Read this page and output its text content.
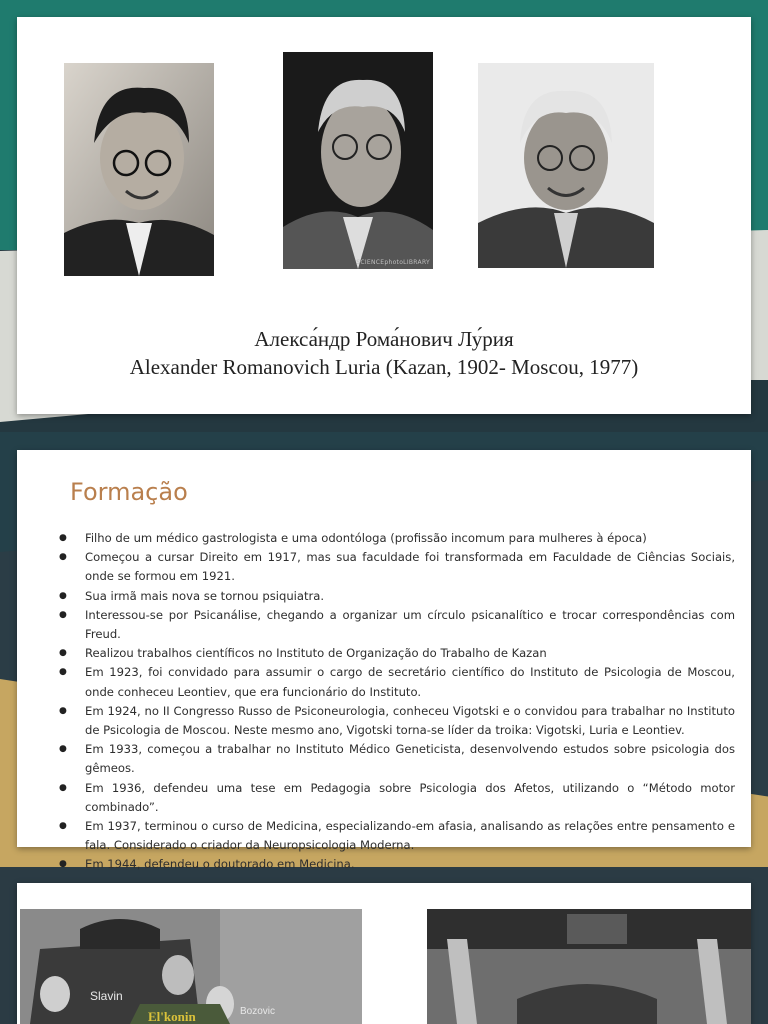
SCIENCEphotoLIBRARY
Алекса́ндр Рома́нович Лу́рия
Alexander Romanovich Luria (Kazan, 1902- Moscou, 1977)
Formação
● Filho de um médico gastrologista e uma odontóloga (profissão incomum para mulheres à época)
● Começou a cursar Direito em 1917, mas sua faculdade foi transformada em Faculdade de Ciências Sociais, onde se formou em 1921.
● Sua irmã mais nova se tornou psiquiatra.
● Interessou-se por Psicanálise, chegando a organizar um círculo psicanalítico e trocar correspondências com Freud.
● Realizou trabalhos científicos no Instituto de Organização do Trabalho de Kazan
● Em 1923, foi convidado para assumir o cargo de secretário científico do Instituto de Psicologia de Moscou, onde conheceu Leontiev, que era funcionário do Instituto.
● Em 1924, no II Congresso Russo de Psiconeurologia, conheceu Vigotski e o convidou para trabalhar no Instituto de Psicologia de Moscou. Neste mesmo ano, Vigotski torna-se líder da troika: Vigotski, Luria e Leontiev.
● Em 1933, começou a trabalhar no Instituto Médico Geneticista, desenvolvendo estudos sobre psicologia dos gêmeos.
● Em 1936, defendeu uma tese em Pedagogia sobre Psicologia dos Afetos, utilizando o “Método motor combinado”.
● Em 1937, terminou o curso de Medicina, especializando-em afasia, analisando as relações entre pensamento e fala. Considerado o criador da Neuropsicologia Moderna.
● Em 1944, defendeu o doutorado em Medicina.
Slavin
El'konin	Bozovic
